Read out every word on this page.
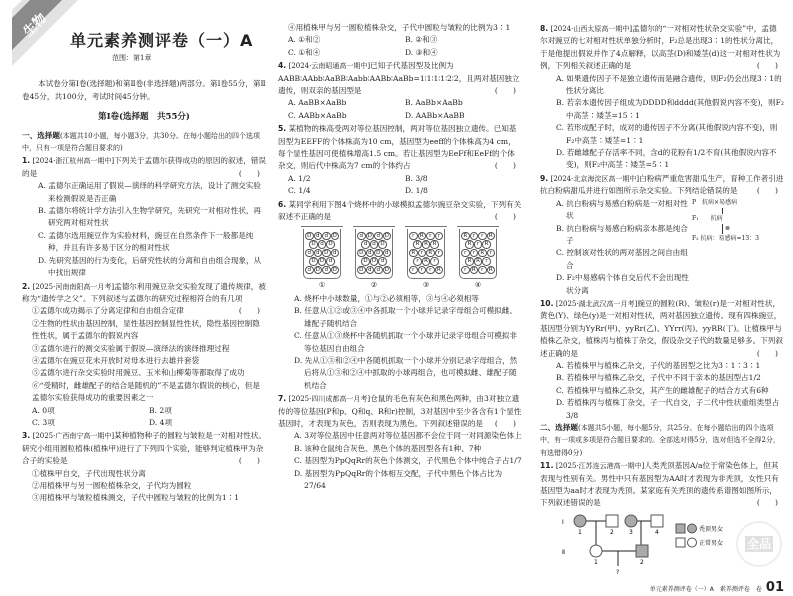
生物
单元素养测评卷（一）A
范围：第1章
本试卷分第Ⅰ卷(选择题)和第Ⅱ卷(非选择题)两部分。第Ⅰ卷55分，第Ⅱ卷45分，共100分，考试时间45分钟。
第Ⅰ卷(选择题　共55分)
一、选择题(本题共10小题，每小题3分，共30分。在每小题给出的四个选项中，只有一项是符合题目要求的)
1. [2024·浙江杭州高一期中]下列关于孟德尔获得成功的原因的叙述，错误的是	(　　)
A. 孟德尔正确运用了假说—演绎的科学研究方法，设计了测交实验来检测假说是否正确
B. 孟德尔将统计学方法引入生物学研究，先研究一对相对性状，再研究两对相对性状
C. 孟德尔选用豌豆作为实验材料，豌豆在自然条件下一般都是纯种，并且有许多易于区分的相对性状
D. 先研究基因的行为变化，后研究性状的分离和自由组合现象，从中找出规律
2. [2025·河南南阳高一月考]孟德尔利用豌豆杂交实验发现了遗传规律，被称为“遗传学之父”。下列叙述与孟德尔的研究过程相符合的有几项
(　　)
①孟德尔成功揭示了分离定律和自由组合定律
②生物的性状由基因控制，显性基因控制显性性状，隐性基因控制隐性性状，属于孟德尔的假说内容
③孟德尔进行的测交实验属于假说—演绎法的演绎推理过程
④孟德尔在豌豆花未开放时对母本进行去雄并套袋
⑤孟德尔进行杂交实验时用豌豆、玉米和山柳菊等都取得了成功
⑥“受精时，雌雄配子的结合是随机的”不是孟德尔假说的核心，但是孟德尔实验获得成功的重要因素之一
A. 0项	B. 2项
C. 3项	D. 4项
3. [2025·广西南宁高一期中]某种植物种子的圆粒与皱粒是一对相对性状。研究小组用圆粒植株(植株甲)进行了下列四个实验，能够判定植株甲为杂合子的实验是	(　　)
①植株甲自交，子代出现性状分离
②用植株甲与另一圆粒植株杂交，子代均为圆粒
③用植株甲与皱粒植株测交，子代中圆粒与皱粒的比例为1∶1
④用植株甲与另一圆粒植株杂交，子代中圆粒与皱粒的比例为3∶1
A. ①和②	B. ②和③
C. ①和④	D. ③和④
4. [2024·云南昭通高一期中]已知子代基因型及比例为AABB∶AAbb∶AaBB∶Aabb∶AABb∶AaBb=1∶1∶1∶1∶2∶2，且两对基因独立遗传，则双亲的基因型是	(　　)
A. AaBB×AaBb	B. AaBb×AaBb
C. AABb×AaBb	D. AABb×AaBB
5. 某植物的株高受两对等位基因控制，两对等位基因独立遗传。已知基因型为EEFF的个体株高为10 cm，基因型为eeff的个体株高为4 cm，每个显性基因可使植株增高1.5 cm。若让基因型为EeFf和EeFf的个体杂交，则后代中株高为7 cm的个体约占	(　　)
A. 1/2	B. 3/8
C. 1/4	D. 1/8
6. 某同学利用下图4个烧杯中的小球模拟孟德尔豌豆杂交实验，下列有关叙述不正确的是	(　　)
D d d D
D d D
d d D d
D D d
d D d D
①
d D d D
d d D
D d D d
D D d
D d d D
②
r R r	r
R R R
R r R r
r R r
r	r	r R
③
R r	r R
R r R
r	r R r
R R r
r R r R
④
A. 烧杯中小球数量，①与②必须相等，③与④必须相等
B. 任意从①②或③④中各抓取一个小球并记录字母组合可模拟雌、雄配子随机结合
C. 任意从①③烧杯中各随机抓取一个小球并记录字母组合可模拟非等位基因自由组合
D. 先从①③和②④中各随机抓取一个小球并分别记录字母组合，然后将从①③和②④中抓取的小球再组合，也可模拟雌、雄配子随机结合
7. [2025·四川成都高一月考]仓鼠的毛色有灰色和黑色两种，由3对独立遗传的等位基因(P和p、Q和q、R和r)控制，3对基因中至少各含有1个显性基因时，才表现为灰色，否则表现为黑色。下列叙述错误的是 (　　)
A. 3对等位基因中任意两对等位基因都不会位于同一对同源染色体上
B. 该种仓鼠纯合灰色、黑色个体的基因型各有1种、7种
C. 基因型为PpQqRr的灰色个体测交，子代黑色个体中纯合子占1/7
D. 基因型为PpQqRr的个体相互交配，子代中黑色个体占比为27/64
8. [2024·山西太原高一期中]孟德尔的“一对相对性状杂交实验”中，孟德尔对豌豆的七对相对性状单独分析时，F₂总是出现3∶1的性状分离比，于是他提出假说并作了4点解释，以高茎(D)和矮茎(d)这一对相对性状为例，下列相关叙述正确的是	(　　)
A. 如果遗传因子不是独立遗传而是融合遗传，则F₂仍会出现3∶1的性状分离比
B. 若亲本遗传因子组成为DDDD和dddd(其他假说内容不变)，则F₂中高茎∶矮茎=15∶1
C. 若形成配子时，成对的遗传因子不分离(其他假说内容不变)，则F₂中高茎∶矮茎=1∶1
D. 若雌雄配子存活率不同，含d的花粉有1/2不育(其他假说内容不变)，则F₂中高茎∶矮茎=5∶1
9. [2024·北京海淀区高一期中]白粉病严重危害甜瓜生产，育种工作者引进抗白粉病甜瓜并进行如图所示杂交实验。下列结论错误的是	(　　)
A. 抗白粉病与易感白粉病是一对相对性状
B. 抗白粉病与易感白粉病亲本都是纯合子
C. 控制该对性状的两对基因之间自由组合
D. F₂中易感病个体自交后代不会出现性状分离
P　抗病×易感病
F₁　　抗病
⊗
F₂ 抗病：易感病=13：3
10. [2025·湖北武汉高一月考]豌豆的圆粒(R)、皱粒(r)是一对相对性状，黄色(Y)、绿色(y)是一对相对性状，两对基因独立遗传。现有四株豌豆，基因型分别为YyRr(甲)、yyRr(乙)、YYrr(丙)、yyRR(丁)。让植株甲与植株乙杂交，植株丙与植株丁杂交，假设杂交子代的数量足够多。下列叙述正确的是	(　　)
A. 若植株甲与植株乙杂交，子代的基因型之比为3∶1∶3∶1
B. 若植株甲与植株乙杂交，子代中不同于亲本的基因型占1/2
C. 若植株甲与植株乙杂交，其产生的雌雄配子的结合方式有6种
D. 若植株丙与植株丁杂交，子一代自交，子二代中性状重组类型占3/8
二、选择题(本题共5小题，每小题5分，共25分。在每小题给出的四个选项中，有一项或多项是符合题目要求的。全部选对得5分，选对但选不全得2分，有选错得0分)
11. [2025·江苏连云港高一期中]人类秃顶基因A/a位于常染色体上，但其表现与性别有关。男性中只有基因型为AA时才表现为非秃顶，女性只有基因型为aa时才表现为秃顶。某家庭有关秃顶的遗传系谱图如图所示，下列叙述错误的是	(　　)
Ⅰ
Ⅱ
1	2	3	4
1	2
?
秃顶男女
正常男女 全品
单元素养测评卷（一）A　素养测评卷　卷 01
